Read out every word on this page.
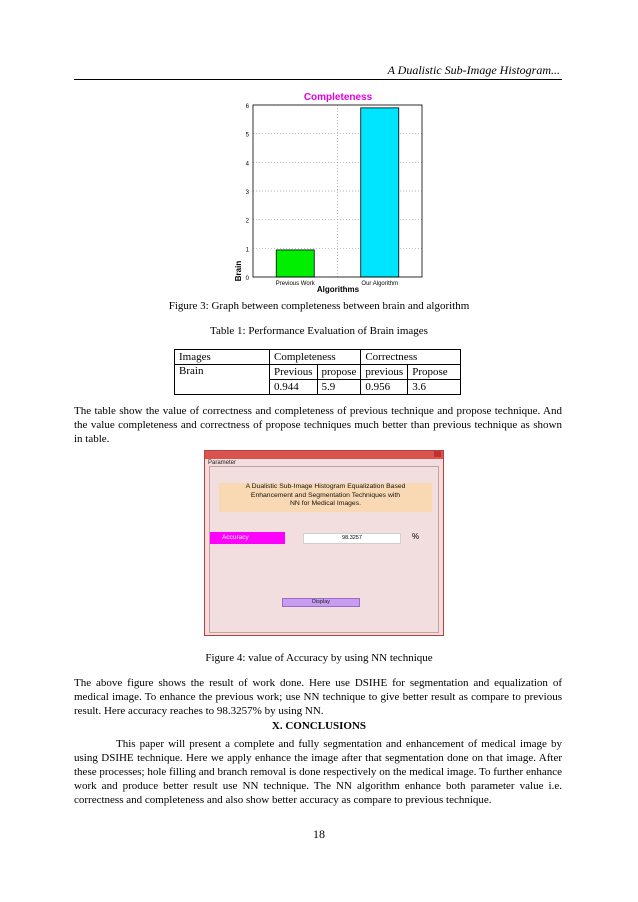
A Dualistic Sub-Image Histogram...
Completeness
0
1
2
3
4
5
6
Previous Work	Our Algorithm
Brain
Algorithms
Figure 3: Graph between completeness between brain and algorithm
Table 1: Performance Evaluation of Brain images
Images	Completeness		Correctness	
Brain	Previous	propose	previous	Propose
	0.944	5.9	0.956	3.6
The table show the value of correctness and completeness of previous technique and propose technique. And the value completeness and correctness of propose techniques much better than previous technique as shown in table.
Parameter
A Dualistic Sub-Image Histogram Equalization Based
Enhancement and Segmentation Techniques with
NN for Medical Images.
Accuracy	98.3257	%
Display
Figure 4: value of Accuracy by using NN technique
The above figure shows the result of work done. Here use DSIHE for segmentation and equalization of medical image. To enhance the previous work; use NN technique to give better result as compare to previous result. Here accuracy reaches to 98.3257% by using NN.
X. CONCLUSIONS
This paper will present a complete and fully segmentation and enhancement of medical image by using DSIHE technique. Here we apply enhance the image after that segmentation done on that image. After these processes; hole filling and branch removal is done respectively on the medical image. To further enhance work and produce better result use NN technique. The NN algorithm enhance both parameter value i.e. correctness and completeness and also show better accuracy as compare to previous technique.
18
